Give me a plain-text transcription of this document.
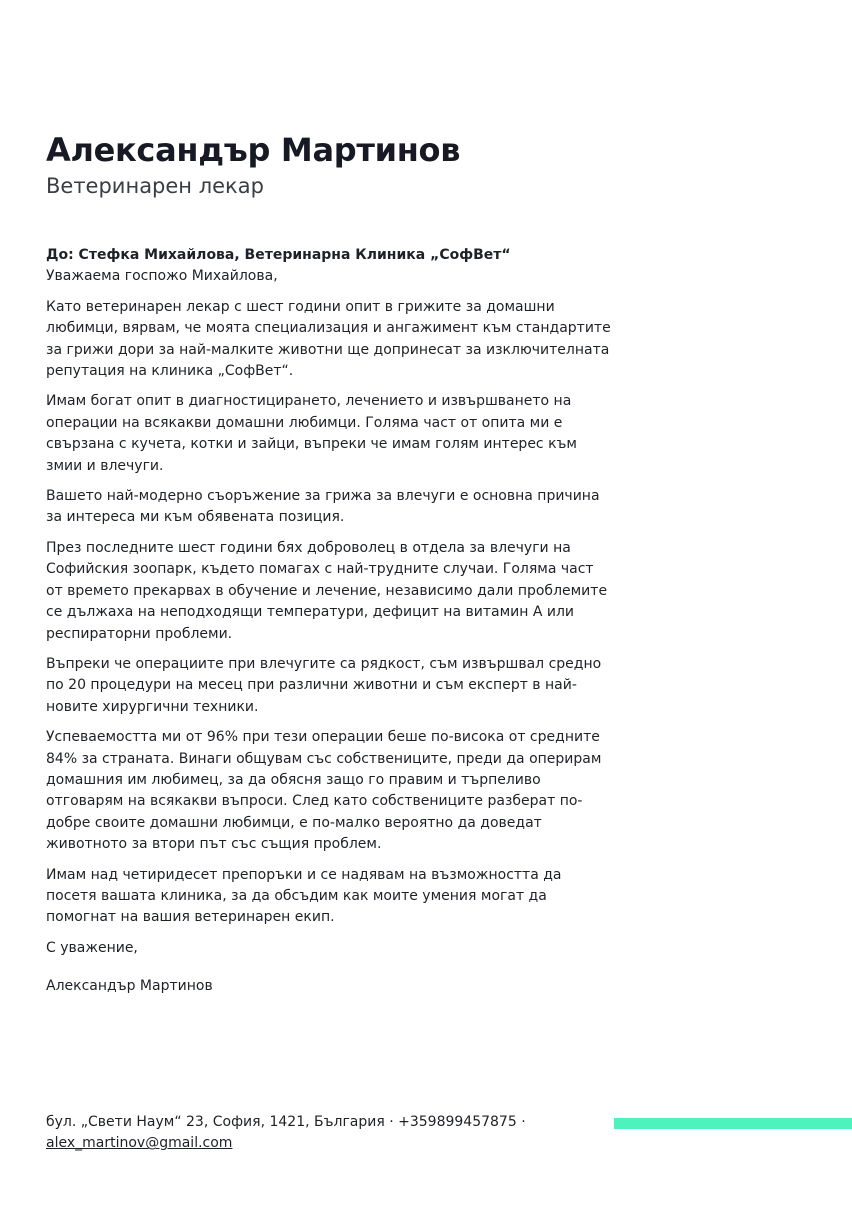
Александър Мартинов
Ветеринарен лекар

До: Стефка Михайлова, Ветеринарна Клиника „СофВет“

Уважаема госпожо Михайлова,

Като ветеринарен лекар с шест години опит в грижите за домашни любимци, вярвам, че моята специализация и ангажимент към стандартите за грижи дори за най-малките животни ще допринесат за изключителната репутация на клиника „СофВет“.

Имам богат опит в диагностицирането, лечението и извършването на операции на всякакви домашни любимци. Голяма част от опита ми е свързана с кучета, котки и зайци, въпреки че имам голям интерес към змии и влечуги.

Вашето най-модерно съоръжение за грижа за влечуги е основна причина за интереса ми към обявената позиция.

През последните шест години бях доброволец в отдела за влечуги на Софийския зоопарк, където помагах с най-трудните случаи. Голяма част от времето прекарвах в обучение и лечение, независимо дали проблемите се дължаха на неподходящи температури, дефицит на витамин А или респираторни проблеми.

Въпреки че операциите при влечугите са рядкост, съм извършвал средно по 20 процедури на месец при различни животни и съм експерт в най-новите хирургични техники.

Успеваемостта ми от 96% при тези операции беше по-висока от средните 84% за страната. Винаги общувам със собствениците, преди да оперирам домашния им любимец, за да обясня защо го правим и търпеливо отговарям на всякакви въпроси. След като собствениците разберат по-добре своите домашни любимци, е по-малко вероятно да доведат животното за втори път със същия проблем.

Имам над четиридесет препоръки и се надявам на възможността да посетя вашата клиника, за да обсъдим как моите умения могат да помогнат на вашия ветеринарен екип.

С уважение,

Александър Мартинов

бул. „Свети Наум“ 23, София, 1421, България · +359899457875 ·
alex_martinov@gmail.com
